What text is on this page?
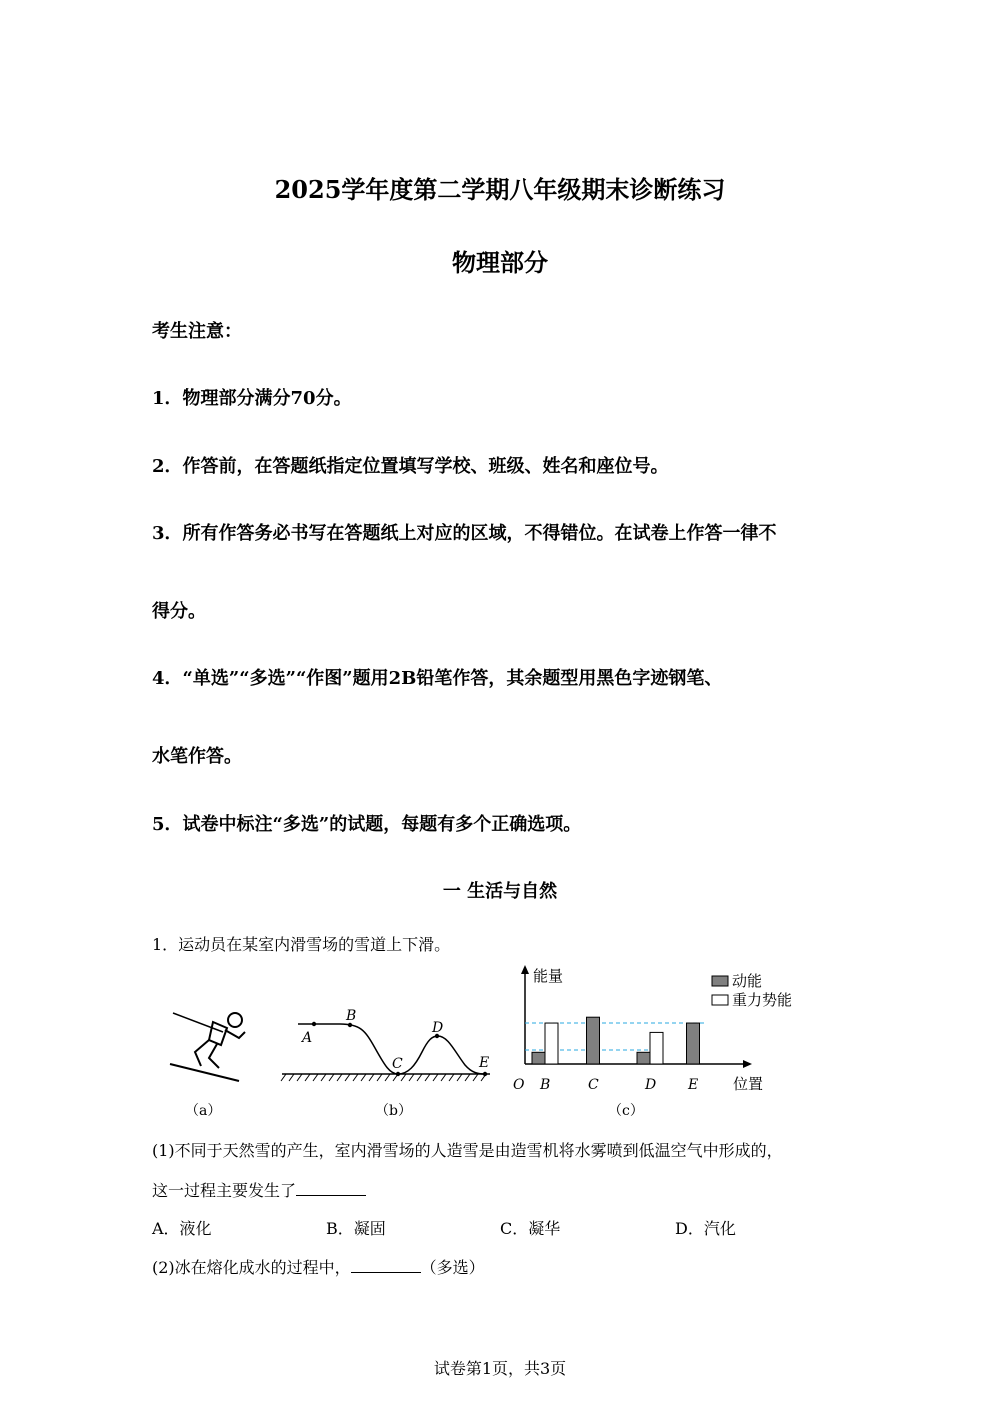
2025学年度第二学期八年级期末诊断练习
物理部分
考生注意：
1．物理部分满分70分。
2．作答前，在答题纸指定位置填写学校、班级、姓名和座位号。
3．所有作答务必书写在答题纸上对应的区域，不得错位。在试卷上作答一律不
得分。
4．“单选”“多选”“作图”题用2B铅笔作答，其余题型用黑色字迹钢笔、
水笔作答。
5．试卷中标注“多选”的试题，每题有多个正确选项。
一 生活与自然
1．运动员在某室内滑雪场的雪道上下滑。
（a）
A
B
C
D
E
（b）
能量
位置
O B	C	D E
动能
重力势能
（c）
(1)不同于天然雪的产生，室内滑雪场的人造雪是由造雪机将水雾喷到低温空气中形成的，
这一过程主要发生了
A．液化	B．凝固	C．凝华	D．汽化
(2)冰在熔化成水的过程中，	（多选）
试卷第1页，共3页
